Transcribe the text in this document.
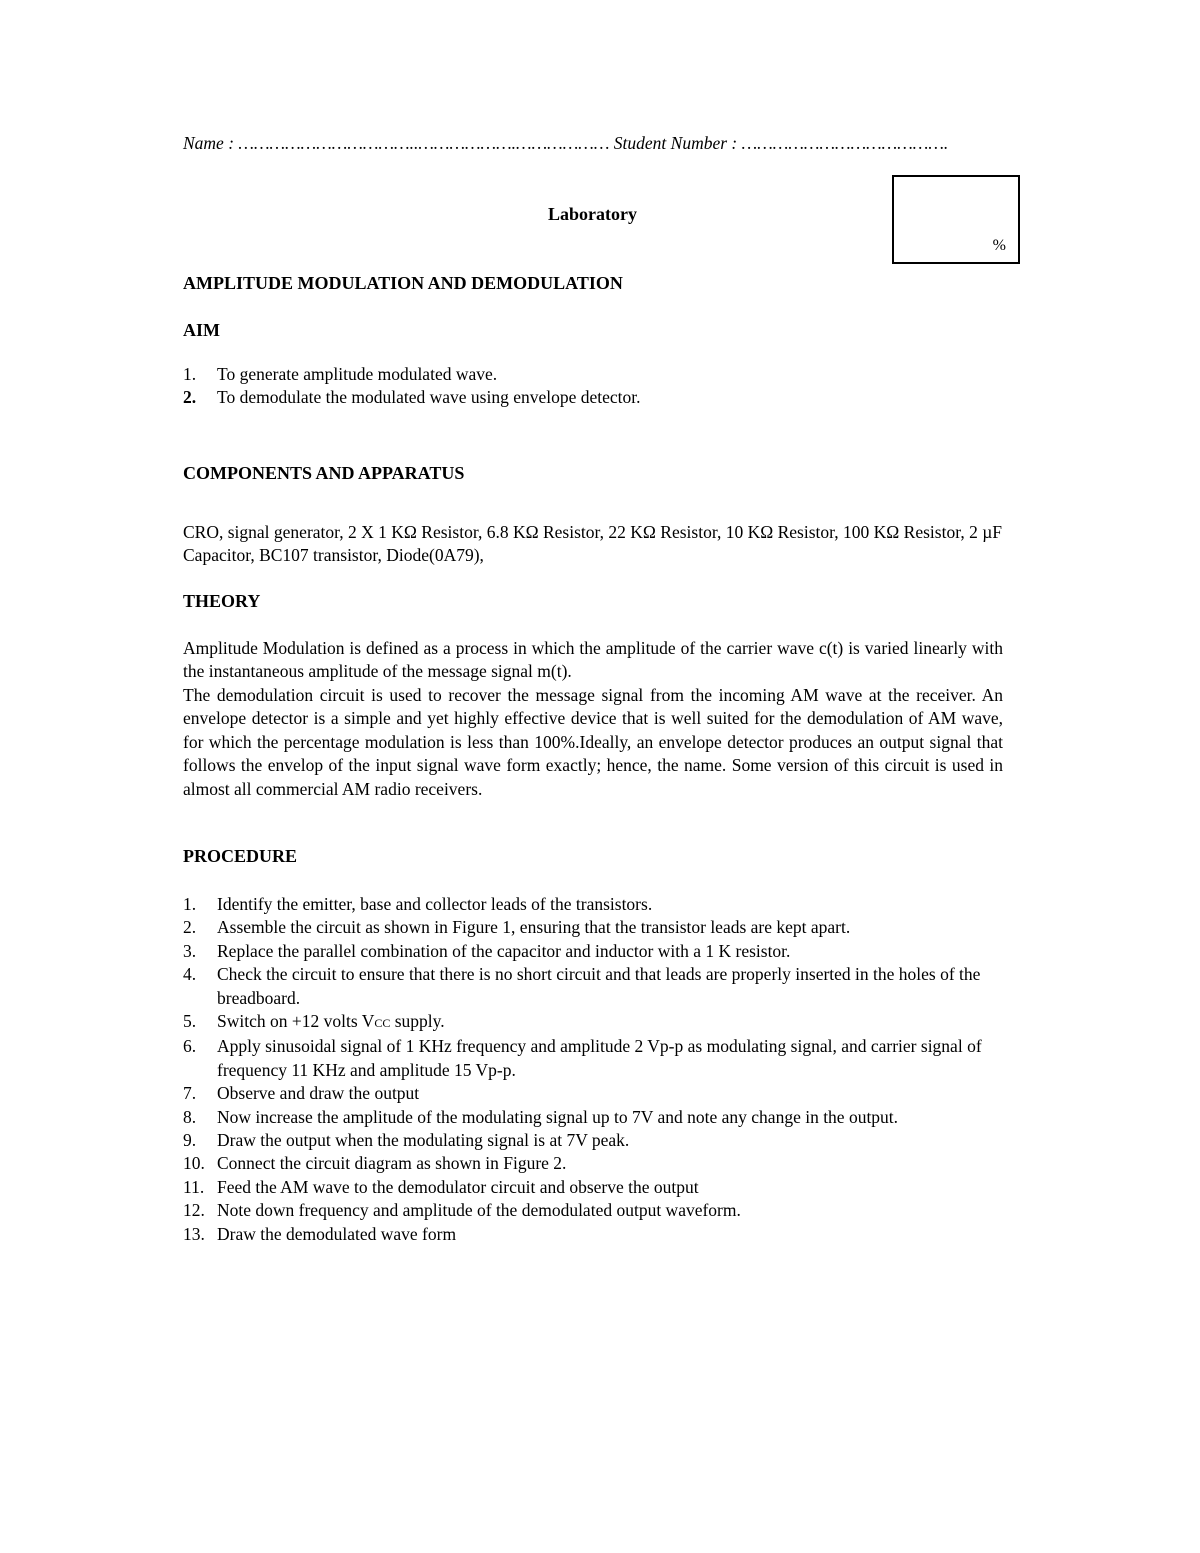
Name : ……………………………..……………….……………… Student Number : ………………………………….
Laboratory
%
AMPLITUDE MODULATION AND DEMODULATION
AIM
1. To generate amplitude modulated wave.
2. To demodulate the modulated wave using envelope detector.
COMPONENTS AND APPARATUS

CRO, signal generator, 2 X 1 KΩ Resistor, 6.8 KΩ Resistor, 22 KΩ Resistor, 10 KΩ Resistor, 100 KΩ Resistor, 2 µF Capacitor, BC107 transistor, Diode(0A79),

THEORY

Amplitude Modulation is defined as a process in which the amplitude of the carrier wave c(t) is varied linearly with the instantaneous amplitude of the message signal m(t).

The demodulation circuit is used to recover the message signal from the incoming AM wave at the receiver. An envelope detector is a simple and yet highly effective device that is well suited for the demodulation of AM wave, for which the percentage modulation is less than 100%.Ideally, an envelope detector produces an output signal that follows the envelop of the input signal wave form exactly; hence, the name. Some version of this circuit is used in almost all commercial AM radio receivers.

PROCEDURE
1. Identify the emitter, base and collector leads of the transistors.
2. Assemble the circuit as shown in Figure 1, ensuring that the transistor leads are kept apart.
3. Replace the parallel combination of the capacitor and inductor with a 1 K resistor.
4. Check the circuit to ensure that there is no short circuit and that leads are properly inserted in the holes of the breadboard.
5. Switch on +12 volts VCC supply.
6. Apply sinusoidal signal of 1 KHz frequency and amplitude 2 Vp-p as modulating signal, and carrier signal of frequency 11 KHz and amplitude 15 Vp-p.
7. Observe and draw the output
8. Now increase the amplitude of the modulating signal up to 7V and note any change in the output.
9. Draw the output when the modulating signal is at 7V peak.
10. Connect the circuit diagram as shown in Figure 2.
11. Feed the AM wave to the demodulator circuit and observe the output
12. Note down frequency and amplitude of the demodulated output waveform.
13. Draw the demodulated wave form
